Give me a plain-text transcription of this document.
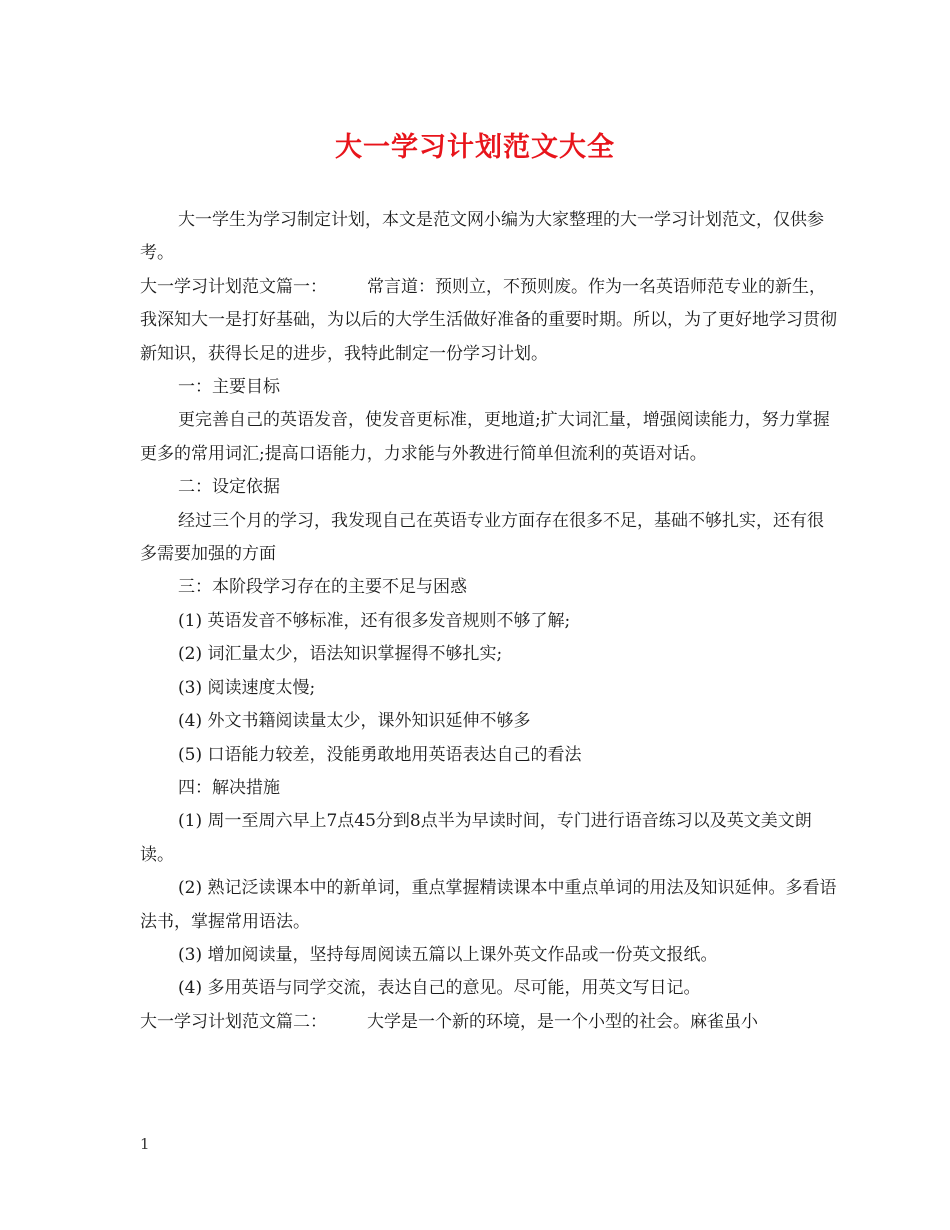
大一学习计划范文大全

大一学生为学习制定计划，本文是范文网小编为大家整理的大一学习计划范文，仅供参考。

大一学习计划范文篇一： 常言道：预则立，不预则废。作为一名英语师范专业的新生，我深知大一是打好基础，为以后的大学生活做好准备的重要时期。所以，为了更好地学习贯彻新知识，获得长足的进步，我特此制定一份学习计划。

一：主要目标

更完善自己的英语发音，使发音更标准，更地道;扩大词汇量，增强阅读能力，努力掌握更多的常用词汇;提高口语能力，力求能与外教进行简单但流利的英语对话。

二：设定依据

经过三个月的学习，我发现自己在英语专业方面存在很多不足，基础不够扎实，还有很多需要加强的方面

三：本阶段学习存在的主要不足与困惑

(1) 英语发音不够标准，还有很多发音规则不够了解;

(2) 词汇量太少，语法知识掌握得不够扎实;

(3) 阅读速度太慢;

(4) 外文书籍阅读量太少，课外知识延伸不够多

(5) 口语能力较差，没能勇敢地用英语表达自己的看法

四：解决措施

(1) 周一至周六早上7点45分到8点半为早读时间，专门进行语音练习以及英文美文朗读。

(2) 熟记泛读课本中的新单词，重点掌握精读课本中重点单词的用法及知识延伸。多看语法书，掌握常用语法。

(3) 增加阅读量，坚持每周阅读五篇以上课外英文作品或一份英文报纸。

(4) 多用英语与同学交流，表达自己的意见。尽可能，用英文写日记。

大一学习计划范文篇二： 大学是一个新的环境，是一个小型的社会。麻雀虽小

1
